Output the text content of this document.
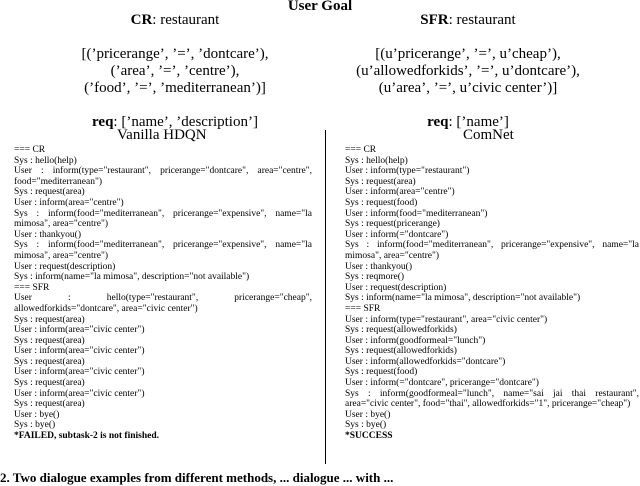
User Goal
CR: restaurant
[(’pricerange’, ’=’, ’dontcare’),
(’area’, ’=’, ’centre’),
(’food’, ’=’, ’mediterranean’)]
req: [’name’, ’description’]
SFR: restaurant
[(u’pricerange’, ’=’, u’cheap’),
(u’allowedforkids’, ’=’, u’dontcare’),
(u’area’, ’=’, u’civic center’)]
req: [’name’]
Vanilla HDQN	ComNet
=== CR
Sys : hello(help)
User : inform(type="restaurant", pricerange="dontcare", area="centre", food="mediterranean")
Sys : request(area)
User : inform(area="centre")
Sys : inform(food="mediterranean", pricerange="expensive", name="la mimosa", area="centre")
User : thankyou()
Sys : inform(food="mediterranean", pricerange="expensive", name="la mimosa", area="centre")
User : request(description)
Sys : inform(name="la mimosa", description="not available")
=== SFR
User : hello(type="restaurant", pricerange="cheap", allowedforkids="dontcare", area="civic center")
Sys : request(area)
User : inform(area="civic center")
Sys : request(area)
User : inform(area="civic center")
Sys : request(area)
User : inform(area="civic center")
Sys : request(area)
User : inform(area="civic center")
Sys : request(area)
User : bye()
Sys : bye()
*FAILED, subtask-2 is not finished.
=== CR
Sys : hello(help)
User : inform(type="restaurant")
Sys : request(area)
User : inform(area="centre")
Sys : request(food)
User : inform(food="mediterranean")
Sys : request(pricerange)
User : inform(="dontcare")
Sys : inform(food="mediterranean", pricerange="expensive", name="la mimosa", area="centre")
User : thankyou()
Sys : reqmore()
User : request(description)
Sys : inform(name="la mimosa", description="not available")
=== SFR
User : inform(type="restaurant", area="civic center")
Sys : request(allowedforkids)
User : inform(goodformeal="lunch")
Sys : request(allowedforkids)
User : inform(allowedforkids="dontcare")
Sys : request(food)
User : inform(="dontcare", pricerange="dontcare")
Sys : inform(goodformeal="lunch", name="sai jai thai restaurant", area="civic center", food="thai", allowedforkids="1", pricerange="cheap")
User : bye()
Sys : bye()
*SUCCESS
2. Two dialogue examples from different methods, ... dialogue ... with ...
